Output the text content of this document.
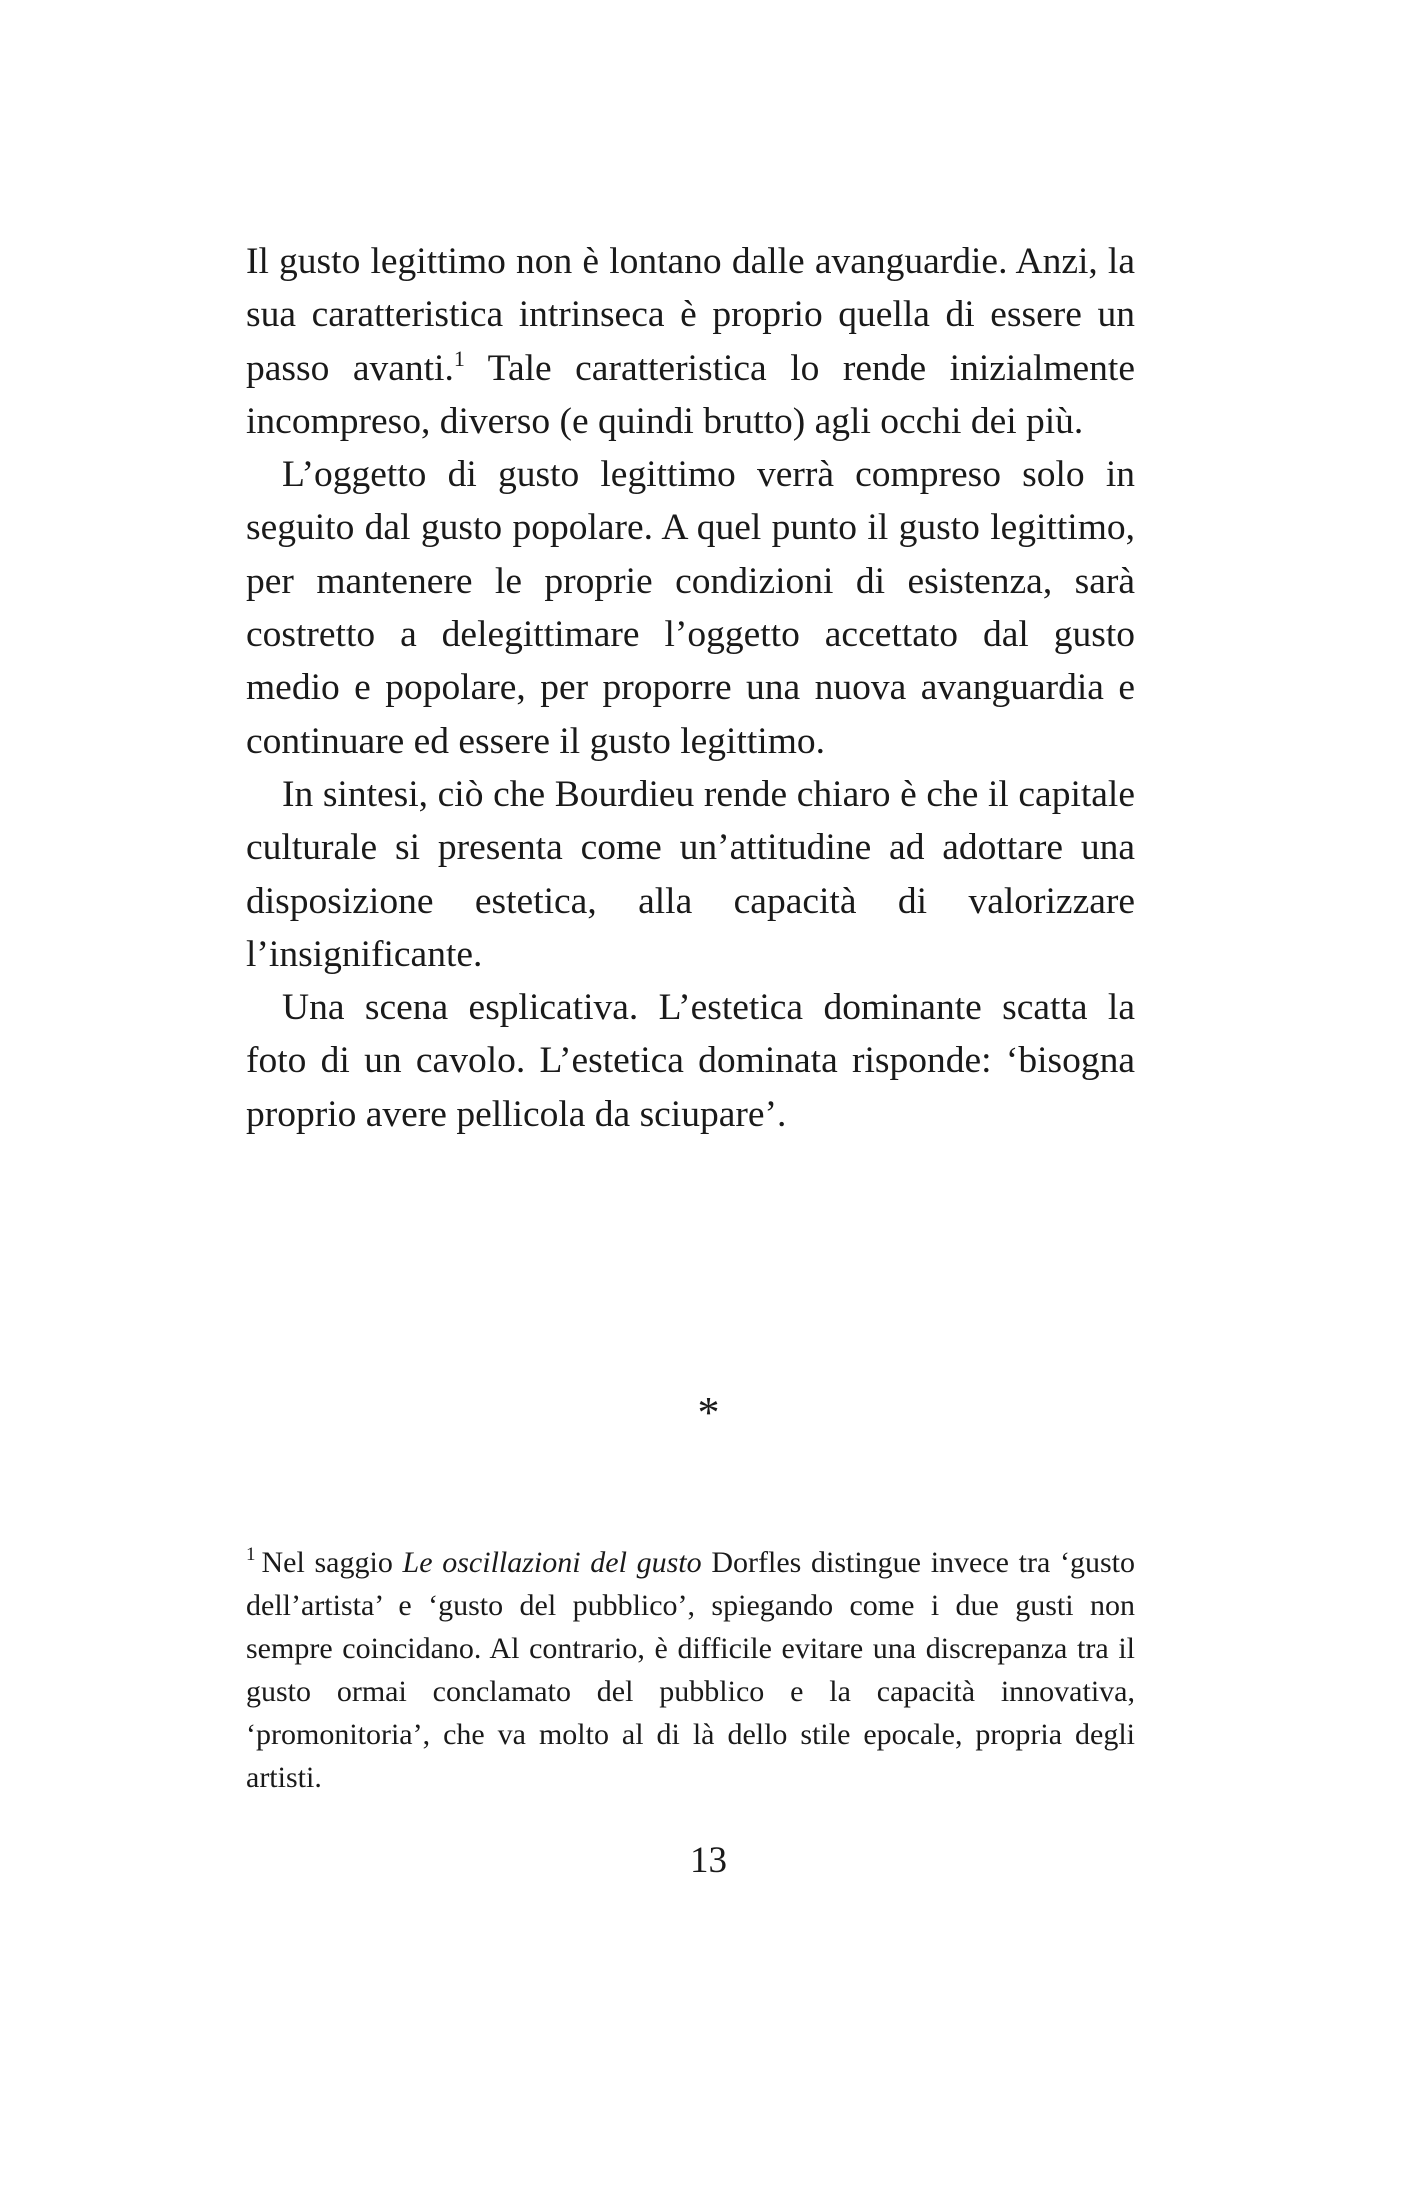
Il gusto legittimo non è lontano dalle avanguardie. Anzi, la sua caratteristica intrinseca è proprio quella di essere un passo avanti.$^1$ Tale caratteristica lo rende inizialmente incompreso, diverso (e quindi brutto) agli occhi dei più.

L’oggetto di gusto legittimo verrà compreso solo in seguito dal gusto popolare. A quel punto il gusto legittimo, per mantenere le proprie condizioni di esistenza, sarà costretto a delegittimare l’oggetto accettato dal gusto medio e popolare, per proporre una nuova avanguardia e continuare ed essere il gusto legittimo.

In sintesi, ciò che Bourdieu rende chiaro è che il capitale culturale si presenta come un’attitudine ad adottare una disposizione estetica, alla capacità di valorizzare l’insignificante.

Una scena esplicativa. L’estetica dominante scatta la foto di un cavolo. L’estetica dominata risponde: ‘bisogna proprio avere pellicola da sciupare’.

*

$^1$ Nel saggio Le oscillazioni del gusto Dorfles distingue invece tra ‘gusto dell’artista’ e ‘gusto del pubblico’, spiegando come i due gusti non sempre coincidano. Al contrario, è difficile evitare una discrepanza tra il gusto ormai conclamato del pubblico e la capacità innovativa, ‘promonitoria’, che va molto al di là dello stile epocale, propria degli artisti.

13
